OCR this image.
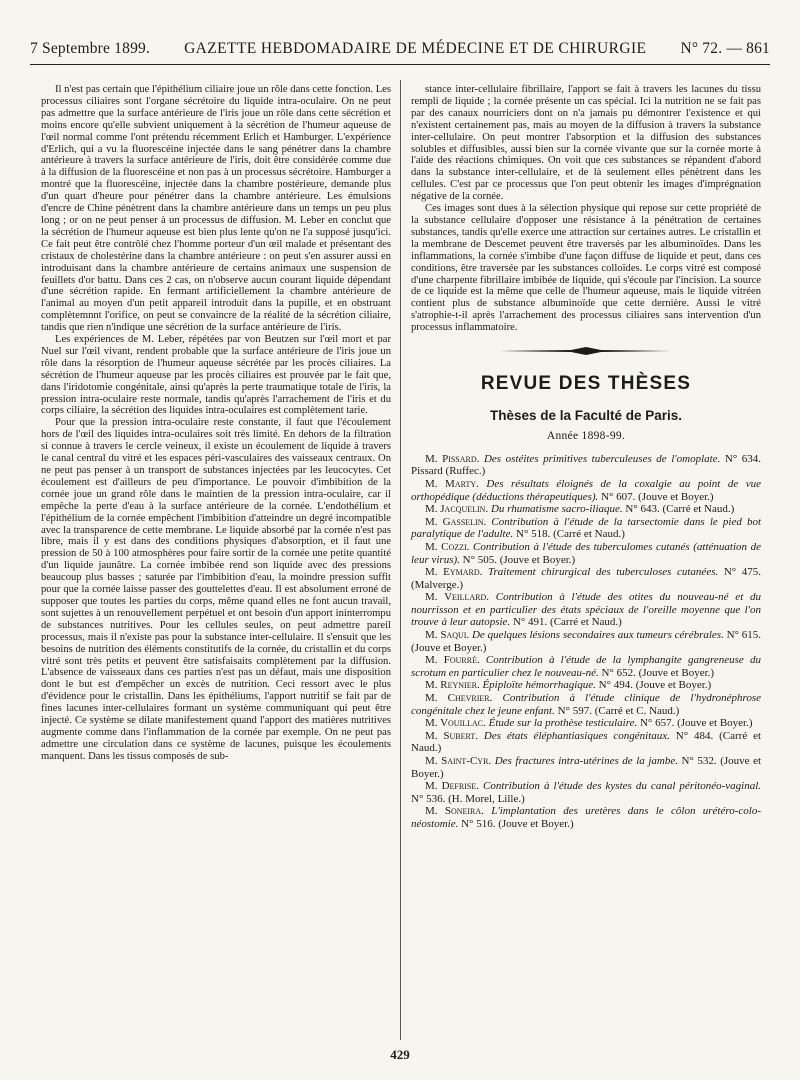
7 Septembre 1899. GAZETTE HEBDOMADAIRE DE MÉDECINE ET DE CHIRURGIE N° 72. — 861

Il n'est pas certain que l'épithélium ciliaire joue un rôle dans cette fonction. Les processus ciliaires sont l'organe sécrétoire du liquide intra-oculaire. On ne peut pas admettre que la surface antérieure de l'iris joue un rôle dans cette sécrétion et moins encore qu'elle subvient uniquement à la sécrétion de l'humeur aqueuse de l'œil normal comme l'ont prétendu récemment Erlich et Hamburger. L'expérience d'Erlich, qui a vu la fluorescéine injectée dans le sang pénétrer dans la chambre antérieure à travers la surface antérieure de l'iris, doit être considérée comme due à la diffusion de la fluorescéine et non pas à un processus sécrétoire. Hamburger a montré que la fluorescéine, injectée dans la chambre postérieure, demande plus d'un quart d'heure pour pénétrer dans la chambre antérieure. Les émulsions d'encre de Chine pénètrent dans la chambre antérieure dans un temps un peu plus long ; or on ne peut penser à un processus de diffusion. M. Leber en conclut que la sécrétion de l'humeur aqueuse est bien plus lente qu'on ne l'a supposé jusqu'ici. Ce fait peut être contrôlé chez l'homme porteur d'un œil malade et présentant des cristaux de cholestérine dans la chambre antérieure : on peut s'en assurer aussi en introduisant dans la chambre antérieure de certains animaux une suspension de feuillets d'or battu. Dans ces 2 cas, on n'observe aucun courant liquide dépendant d'une sécrétion rapide. En fermant artificiellement la chambre antérieure de l'animal au moyen d'un petit appareil introduit dans la pupille, et en obstruant complètemnnt l'orifice, on peut se convaincre de la réalité de la sécrétion ciliaire, tandis que rien n'indique une sécrétion de la surface antérieure de l'iris.

Les expériences de M. Leber, répétées par von Beutzen sur l'œil mort et par Nuel sur l'œil vivant, rendent probable que la surface antérieure de l'iris joue un rôle dans la résorption de l'humeur aqueuse sécrétée par les procès ciliaires. La sécrétion de l'humeur aqueuse par les procès ciliaires est prouvée par le fait que, dans l'iridotomie congénitale, ainsi qu'après la perte traumatique totale de l'iris, la pression intra-oculaire reste normale, tandis qu'après l'arrachement de l'iris et du corps ciliaire, la sécrétion des liquides intra-oculaires est complètement tarie.

Pour que la pression intra-oculaire reste constante, il faut que l'écoulement hors de l'œil des liquides intra-oculaires soit très limité. En dehors de la filtration si connue à travers le cercle veineux, il existe un écoulement de liquide à travers le canal central du vitré et les espaces péri-vasculaires des vaisseaux centraux. On ne peut pas penser à un transport de substances injectées par les leucocytes. Cet écoulement est d'ailleurs de peu d'importance. Le pouvoir d'imbibition de la cornée joue un grand rôle dans le maintien de la pression intra-oculaire, car il empêche la perte d'eau à la surface antérieure de la cornée. L'endothélium et l'épithélium de la cornée empêchent l'imbibition d'atteindre un degré incompatible avec la transparence de cette membrane. Le liquide absorbé par la cornée n'est pas libre, mais il y est dans des conditions physiques d'absorption, et il faut une pression de 50 à 100 atmosphères pour faire sortir de la cornée une petite quantité d'un liquide jaunâtre. La cornée imbibée rend son liquide avec des pressions beaucoup plus basses ; saturée par l'imbibition d'eau, la moindre pression suffit pour que la cornée laisse passer des gouttelettes d'eau. Il est absolument erroné de supposer que toutes les parties du corps, même quand elles ne font aucun travail, sont sujettes à un renouvellement perpétuel et ont besoin d'un apport ininterrompu de substances nutritives. Pour les cellules seules, on peut admettre pareil processus, mais il n'existe pas pour la substance inter-cellulaire. Il s'ensuit que les besoins de nutrition des éléments constitutifs de la cornée, du cristallin et du corps vitré sont très petits et peuvent être satisfaisaits complètement par la diffusion. L'absence de vaisseaux dans ces parties n'est pas un défaut, mais une disposition dont le but est d'empêcher un excès de nutrition. Ceci ressort avec le plus d'évidence pour le cristallin. Dans les épithéliums, l'apport nutritif se fait par de fines lacunes inter-cellulaires formant un système communiquant qui peut être injecté. Ce système se dilate manifestement quand l'apport des matières nutritives augmente comme dans l'inflammation de la cornée par exemple. On ne peut pas admettre une circulation dans ce système de lacunes, puisque les écoulements manquent. Dans les tissus composés de sub-

stance inter-cellulaire fibrillaire, l'apport se fait à travers les lacunes du tissu rempli de liquide ; la cornée présente un cas spécial. Ici la nutrition ne se fait pas par des canaux nourriciers dont on n'a jamais pu démontrer l'existence et qui n'existent certainement pas, mais au moyen de la diffusion à travers la substance inter-cellulaire. On peut montrer l'absorption et la diffusion des substances solubles et diffusibles, aussi bien sur la cornée vivante que sur la cornée morte à l'aide des réactions chimiques. On voit que ces substances se répandent d'abord dans la substance inter-cellulaire, et de là seulement elles pénètrent dans les cellules. C'est par ce processus que l'on peut obtenir les images d'imprégnation négative de la cornée.

Ces images sont dues à la sélection physique qui repose sur cette propriété de la substance cellulaire d'opposer une résistance à la pénétration de certaines substances, tandis qu'elle exerce une attraction sur certaines autres. Le cristallin et la membrane de Descemet peuvent être traversés par les albuminoïdes. Dans les inflammations, la cornée s'imbibe d'une façon diffuse de liquide et peut, dans ces conditions, être traversée par les substances colloïdes. Le corps vitré est composé d'une charpente fibrillaire imbibée de liquide, qui s'écoule par l'incision. La source de ce liquide est la même que celle de l'humeur aqueuse, mais le liquide vitréen contient plus de substance albuminoïde que cette dernière. Aussi le vitré s'atrophie-t-il après l'arrachement des processus ciliaires sans intervention d'un processus inflammatoire.

REVUE DES THÈSES
Thèses de la Faculté de Paris.
Année 1898-99.

M. Pissard. Des ostéites primitives tuberculeuses de l'omoplate. N° 634. Pissard (Ruffec.)

M. Marty. Des résultats éloignés de la coxalgie au point de vue orthopédique (déductions thérapeutiques). N° 607. (Jouve et Boyer.)

M. Jacquelin. Du rhumatisme sacro-iliaque. N° 643. (Carré et Naud.)

M. Gasselin. Contribution à l'étude de la tarsectomie dans le pied bot paralytique de l'adulte. N° 518. (Carré et Naud.)

M. Cozzi. Contribution à l'étude des tuberculomes cutanés (atténuation de leur virus). N° 505. (Jouve et Boyer.)

M. Eymard. Traitement chirurgical des tuberculoses cutanées. N° 475. (Malverge.)

M. Veillard. Contribution à l'étude des otites du nouveau-né et du nourrisson et en particulier des états spéciaux de l'oreille moyenne que l'on trouve à leur autopsie. N° 491. (Carré et Naud.)

M. Saqui. De quelques lésions secondaires aux tumeurs cérébrales. N° 615. (Jouve et Boyer.)

M. Fourré. Contribution à l'étude de la lymphangite gangreneuse du scrotum en particulier chez le nouveau-né. N° 652. (Jouve et Boyer.)

M. Reynier. Épiploïte hémorrhagique. N° 494. (Jouve et Boyer.)

M. Chevrier. Contribution à l'étude clinique de l'hydronéphrose congénitale chez le jeune enfant. N° 597. (Carré et C. Naud.)

M. Vouillac. Étude sur la prothèse testiculaire. N° 657. (Jouve et Boyer.)

M. Subert. Des états éléphantiasiques congénitaux. N° 484. (Carré et Naud.)

M. Saint-Cyr. Des fractures intra-utérines de la jambe. N° 532. (Jouve et Boyer.)

M. Defrise. Contribution à l'étude des kystes du canal péritonéo-vaginal. N° 536. (H. Morel, Lille.)

M. Soneira. L'implantation des uretères dans le côlon urétéro-colo-néostomie. N° 516. (Jouve et Boyer.)

429
